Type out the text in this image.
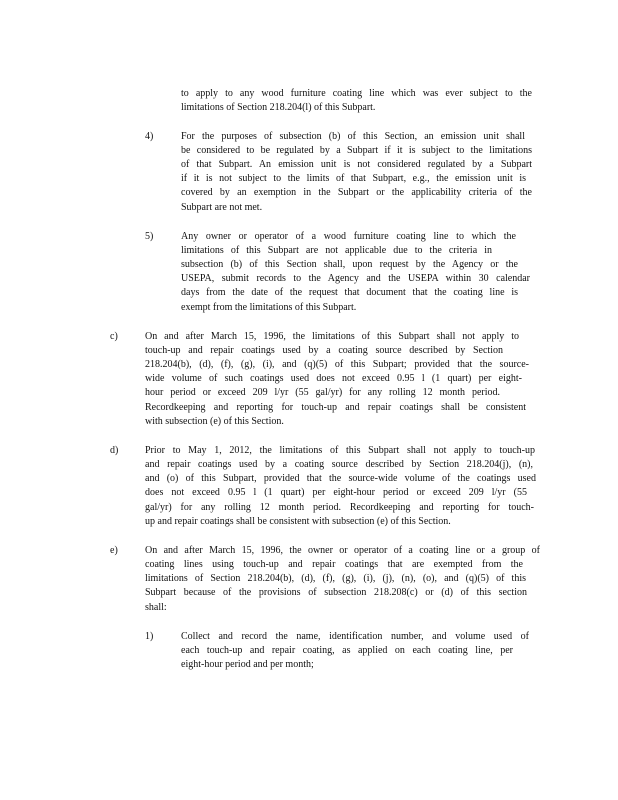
to apply to any wood furniture coating line which was ever subject to the
limitations of Section 218.204(l) of this Subpart.
4)	For the purposes of subsection (b) of this Section, an emission unit shall
be considered to be regulated by a Subpart if it is subject to the limitations
of that Subpart. An emission unit is not considered regulated by a Subpart
if it is not subject to the limits of that Subpart, e.g., the emission unit is
covered by an exemption in the Subpart or the applicability criteria of the
Subpart are not met.
5)	Any owner or operator of a wood furniture coating line to which the
limitations of this Subpart are not applicable due to the criteria in
subsection (b) of this Section shall, upon request by the Agency or the
USEPA, submit records to the Agency and the USEPA within 30 calendar
days from the date of the request that document that the coating line is
exempt from the limitations of this Subpart.
c)	On and after March 15, 1996, the limitations of this Subpart shall not apply to
touch-up and repair coatings used by a coating source described by Section
218.204(b), (d), (f), (g), (i), and (q)(5) of this Subpart; provided that the source-
wide volume of such coatings used does not exceed 0.95 l (1 quart) per eight-
hour period or exceed 209 l/yr (55 gal/yr) for any rolling 12 month period.
Recordkeeping and reporting for touch-up and repair coatings shall be consistent
with subsection (e) of this Section.
d)	Prior to May 1, 2012, the limitations of this Subpart shall not apply to touch-up
and repair coatings used by a coating source described by Section 218.204(j), (n),
and (o) of this Subpart, provided that the source-wide volume of the coatings used
does not exceed 0.95 l (1 quart) per eight-hour period or exceed 209 l/yr (55
gal/yr) for any rolling 12 month period. Recordkeeping and reporting for touch-
up and repair coatings shall be consistent with subsection (e) of this Section.
e)	On and after March 15, 1996, the owner or operator of a coating line or a group of
coating lines using touch-up and repair coatings that are exempted from the
limitations of Section 218.204(b), (d), (f), (g), (i), (j), (n), (o), and (q)(5) of this
Subpart because of the provisions of subsection 218.208(c) or (d) of this section
shall:
1)	Collect and record the name, identification number, and volume used of
each touch-up and repair coating, as applied on each coating line, per
eight-hour period and per month;
